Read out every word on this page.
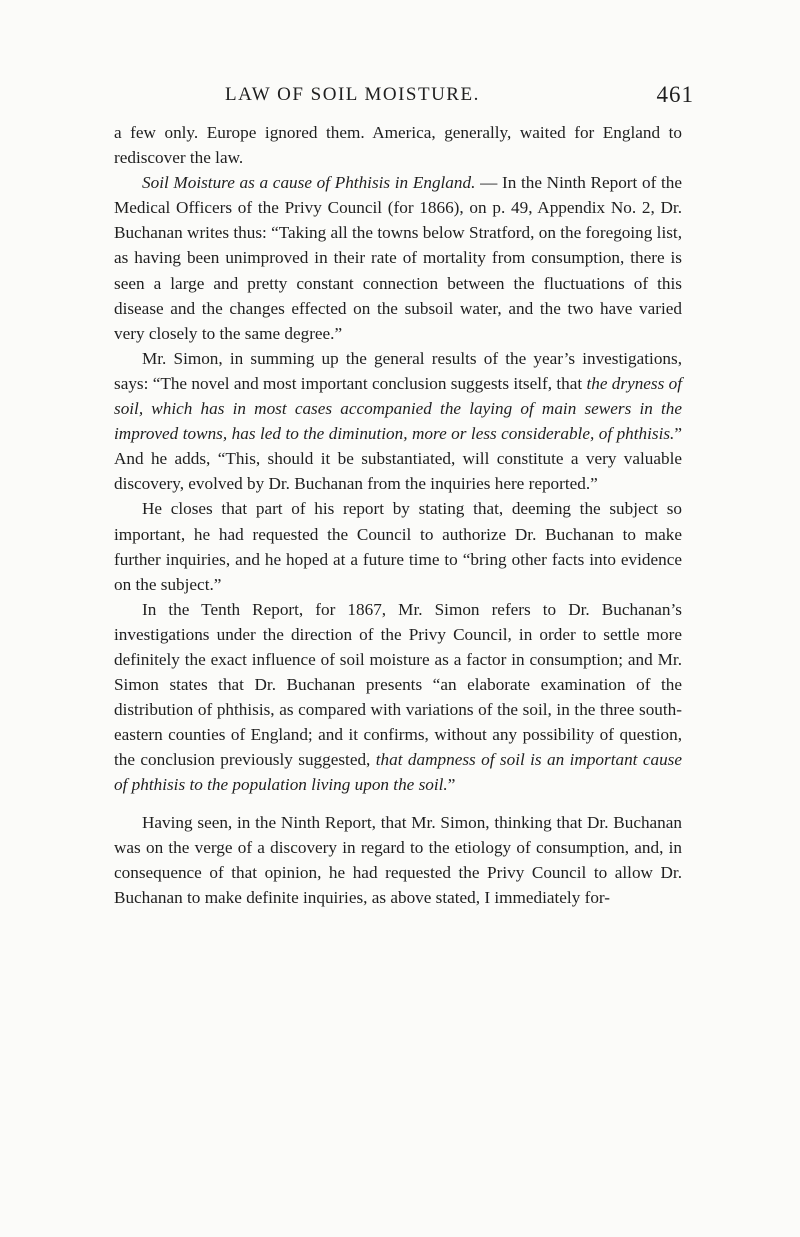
LAW OF SOIL MOISTURE.	461

a few only. Europe ignored them. America, generally, waited for England to rediscover the law.

Soil Moisture as a cause of Phthisis in England. — In the Ninth Report of the Medical Officers of the Privy Council (for 1866), on p. 49, Appendix No. 2, Dr. Buchanan writes thus: “Taking all the towns below Stratford, on the foregoing list, as having been unimproved in their rate of mortality from consumption, there is seen a large and pretty constant connection between the fluctuations of this disease and the changes effected on the subsoil water, and the two have varied very closely to the same degree.”

Mr. Simon, in summing up the general results of the year’s investigations, says: “The novel and most important conclusion suggests itself, that the dryness of soil, which has in most cases accompanied the laying of main sewers in the improved towns, has led to the diminution, more or less considerable, of phthisis.” And he adds, “This, should it be substantiated, will constitute a very valuable discovery, evolved by Dr. Buchanan from the inquiries here reported.”

He closes that part of his report by stating that, deeming the subject so important, he had requested the Council to authorize Dr. Buchanan to make further inquiries, and he hoped at a future time to “bring other facts into evidence on the subject.”

In the Tenth Report, for 1867, Mr. Simon refers to Dr. Buchanan’s investigations under the direction of the Privy Council, in order to settle more definitely the exact influence of soil moisture as a factor in consumption; and Mr. Simon states that Dr. Buchanan presents “an elaborate examination of the distribution of phthisis, as compared with variations of the soil, in the three south-eastern counties of England; and it confirms, without any possibility of question, the conclusion previously suggested, that dampness of soil is an important cause of phthisis to the population living upon the soil.”

Having seen, in the Ninth Report, that Mr. Simon, thinking that Dr. Buchanan was on the verge of a discovery in regard to the etiology of consumption, and, in consequence of that opinion, he had requested the Privy Council to allow Dr. Buchanan to make definite inquiries, as above stated, I immediately for-
